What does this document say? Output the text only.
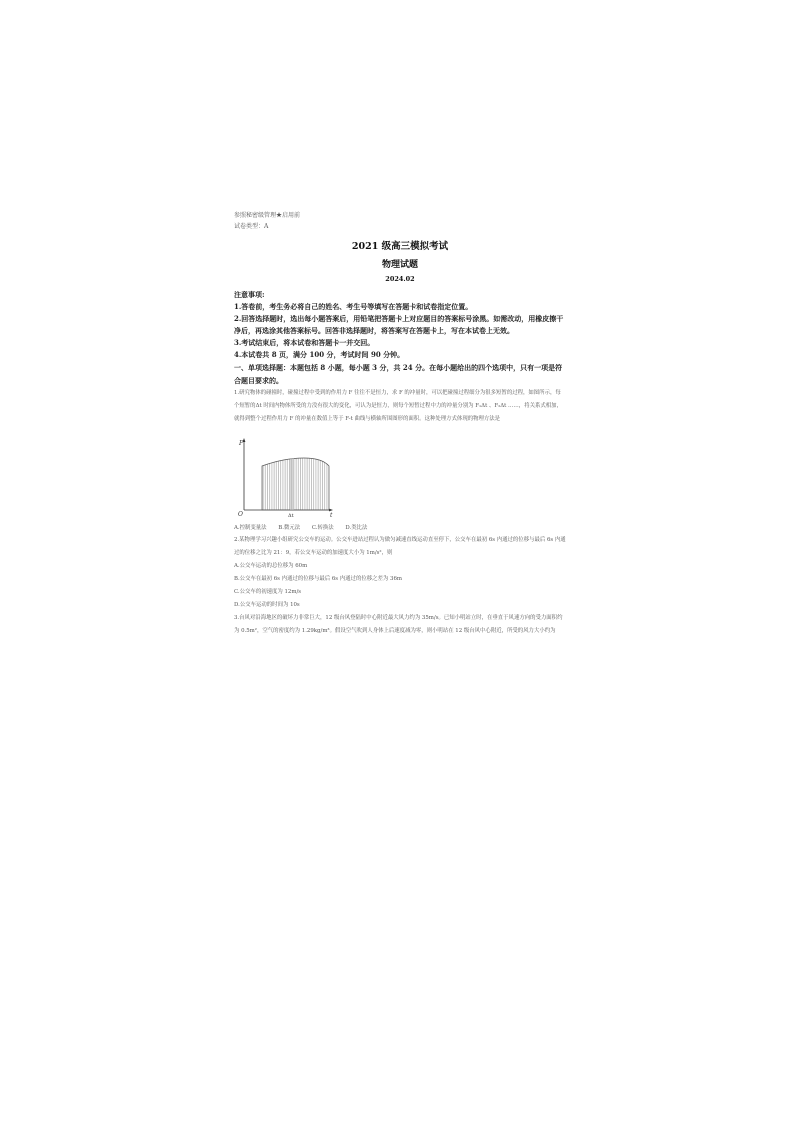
参照秘密级管理★启用前
试卷类型：A
2021 级高三模拟考试
物理试题
2024.02
注意事项:
1.答卷前，考生务必将自己的姓名、考生号等填写在答题卡和试卷指定位置。
2.回答选择题时，选出每小题答案后，用铅笔把答题卡上对应题目的答案标号涂黑。如需改动，用橡皮擦干净后，再选涂其他答案标号。回答非选择题时，将答案写在答题卡上，写在本试卷上无效。
3.考试结束后，将本试卷和答题卡一并交回。
4.本试卷共 8 页，满分 100 分，考试时间 90 分钟。
一、单项选择题：本题包括 8 小题，每小题 3 分，共 24 分。在每小题给出的四个选项中，只有一项是符合题目要求的。
1.研究物体的碰撞时，碰撞过程中受到的作用力 F 往往不是恒力，求 F 的冲量时，可以把碰撞过程细分为很多短暂的过程，如图所示，每个短暂的Δt 时间内物体所受的力没有很大的变化，可认为是恒力，则每个短暂过程中力的冲量分别为 F₁Δt 、F₂Δt ……，将关系式相加，就得到整个过程作用力 F 的冲量在数值上等于 F-t 曲线与横轴所围图形的面积。这种处理方式体现的物理方法是
F
t
O	Δt
A.控制变量法 B.微元法 C.转换法 D.类比法
2.某物理学习兴趣小组研究公交车的运动。公交车进站过程认为做匀减速直线运动直至停下，公交车在最初 6s 内通过的位移与最后 6s 内通过的位移之比为 21：9，若公交车运动的加速度大小为 1m/s²，则
A.公交车运动的总位移为 60m
B.公交车在最初 6s 内通过的位移与最后 6s 内通过的位移之差为 36m
C.公交车的初速度为 12m/s
D.公交车运动的时间为 10s
3.台风对沿海地区的破坏力非常巨大，12 级台风登陆时中心附近最大风力约为 35m/s。已知小明站立时，在垂直于风速方向的受力面积约为 0.5m²，空气的密度约为 1.29kg/m³。假设空气吹到人身体上后速度减为零，则小明站在 12 级台风中心附近，所受的风力大小约为
